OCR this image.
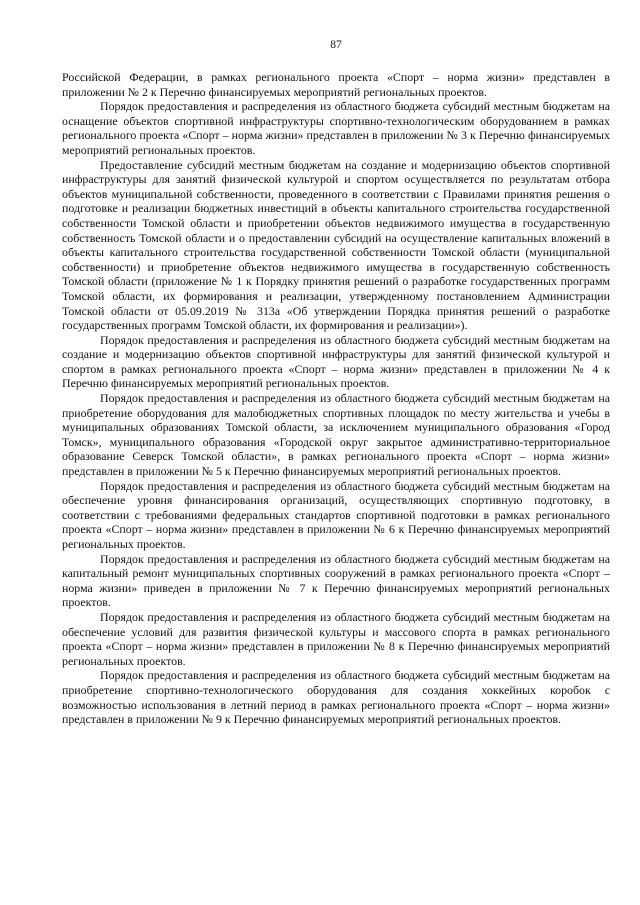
87

Российской Федерации, в рамках регионального проекта «Спорт – норма жизни» представлен в приложении № 2 к Перечню финансируемых мероприятий региональных проектов.

Порядок предоставления и распределения из областного бюджета субсидий местным бюджетам на оснащение объектов спортивной инфраструктуры спортивно-технологическим оборудованием в рамках регионального проекта «Спорт – норма жизни» представлен в приложении № 3 к Перечню финансируемых мероприятий региональных проектов.

Предоставление субсидий местным бюджетам на создание и модернизацию объектов спортивной инфраструктуры для занятий физической культурой и спортом осуществляется по результатам отбора объектов муниципальной собственности, проведенного в соответствии с Правилами принятия решения о подготовке и реализации бюджетных инвестиций в объекты капитального строительства государственной собственности Томской области и приобретении объектов недвижимого имущества в государственную собственность Томской области и о предоставлении субсидий на осуществление капитальных вложений в объекты капитального строительства государственной собственности Томской области (муниципальной собственности) и приобретение объектов недвижимого имущества в государственную собственность Томской области (приложение № 1 к Порядку принятия решений о разработке государственных программ Томской области, их формирования и реализации, утвержденному постановлением Администрации Томской области от 05.09.2019 № 313а «Об утверждении Порядка принятия решений о разработке государственных программ Томской области, их формирования и реализации»).

Порядок предоставления и распределения из областного бюджета субсидий местным бюджетам на создание и модернизацию объектов спортивной инфраструктуры для занятий физической культурой и спортом в рамках регионального проекта «Спорт – норма жизни» представлен в приложении № 4 к Перечню финансируемых мероприятий региональных проектов.

Порядок предоставления и распределения из областного бюджета субсидий местным бюджетам на приобретение оборудования для малобюджетных спортивных площадок по месту жительства и учебы в муниципальных образованиях Томской области, за исключением муниципального образования «Город Томск», муниципального образования «Городской округ закрытое административно-территориальное образование Северск Томской области», в рамках регионального проекта «Спорт – норма жизни» представлен в приложении № 5 к Перечню финансируемых мероприятий региональных проектов.

Порядок предоставления и распределения из областного бюджета субсидий местным бюджетам на обеспечение уровня финансирования организаций, осуществляющих спортивную подготовку, в соответствии с требованиями федеральных стандартов спортивной подготовки в рамках регионального проекта «Спорт – норма жизни» представлен в приложении № 6 к Перечню финансируемых мероприятий региональных проектов.

Порядок предоставления и распределения из областного бюджета субсидий местным бюджетам на капитальный ремонт муниципальных спортивных сооружений в рамках регионального проекта «Спорт – норма жизни» приведен в приложении № 7 к Перечню финансируемых мероприятий региональных проектов.

Порядок предоставления и распределения из областного бюджета субсидий местным бюджетам на обеспечение условий для развития физической культуры и массового спорта в рамках регионального проекта «Спорт – норма жизни» представлен в приложении № 8 к Перечню финансируемых мероприятий региональных проектов.

Порядок предоставления и распределения из областного бюджета субсидий местным бюджетам на приобретение спортивно-технологического оборудования для создания хоккейных коробок с возможностью использования в летний период в рамках регионального проекта «Спорт – норма жизни» представлен в приложении № 9 к Перечню финансируемых мероприятий региональных проектов.
